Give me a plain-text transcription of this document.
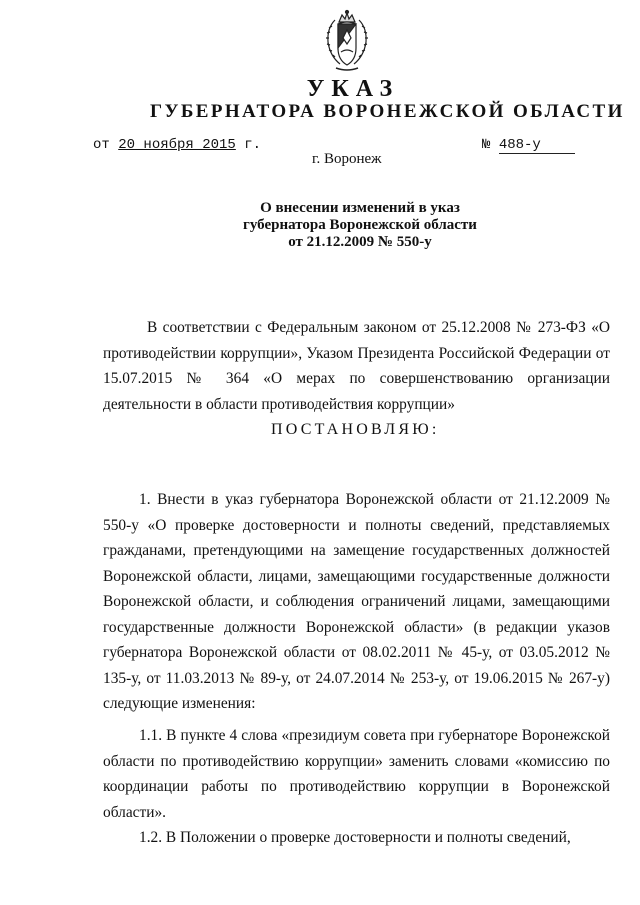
УКАЗ
ГУБЕРНАТОРА ВОРОНЕЖСКОЙ ОБЛАСТИ
от 20 ноября 2015 г.	№ 488-у
г. Воронеж
О внесении изменений в указ
губернатора Воронежской области
от 21.12.2009 № 550-у

В соответствии с Федеральным законом от 25.12.2008 № 273-ФЗ «О противодействии коррупции», Указом Президента Российской Федерации от 15.07.2015 № 364 «О мерах по совершенствованию организации деятельности в области противодействия коррупции»

ПОСТАНОВЛЯЮ:

1. Внести в указ губернатора Воронежской области от 21.12.2009 № 550-у «О проверке достоверности и полноты сведений, представляемых гражданами, претендующими на замещение государственных должностей Воронежской области, лицами, замещающими государственные должности Воронежской области, и соблюдения ограничений лицами, замещающими государственные должности Воронежской области» (в редакции указов губернатора Воронежской области от 08.02.2011 № 45-у, от 03.05.2012 № 135-у, от 11.03.2013 № 89-у, от 24.07.2014 № 253-у, от 19.06.2015 № 267-у) следующие изменения:

1.1. В пункте 4 слова «президиум совета при губернаторе Воронежской области по противодействию коррупции» заменить словами «комиссию по координации работы по противодействию коррупции в Воронежской области».

1.2. В Положении о проверке достоверности и полноты сведений,
